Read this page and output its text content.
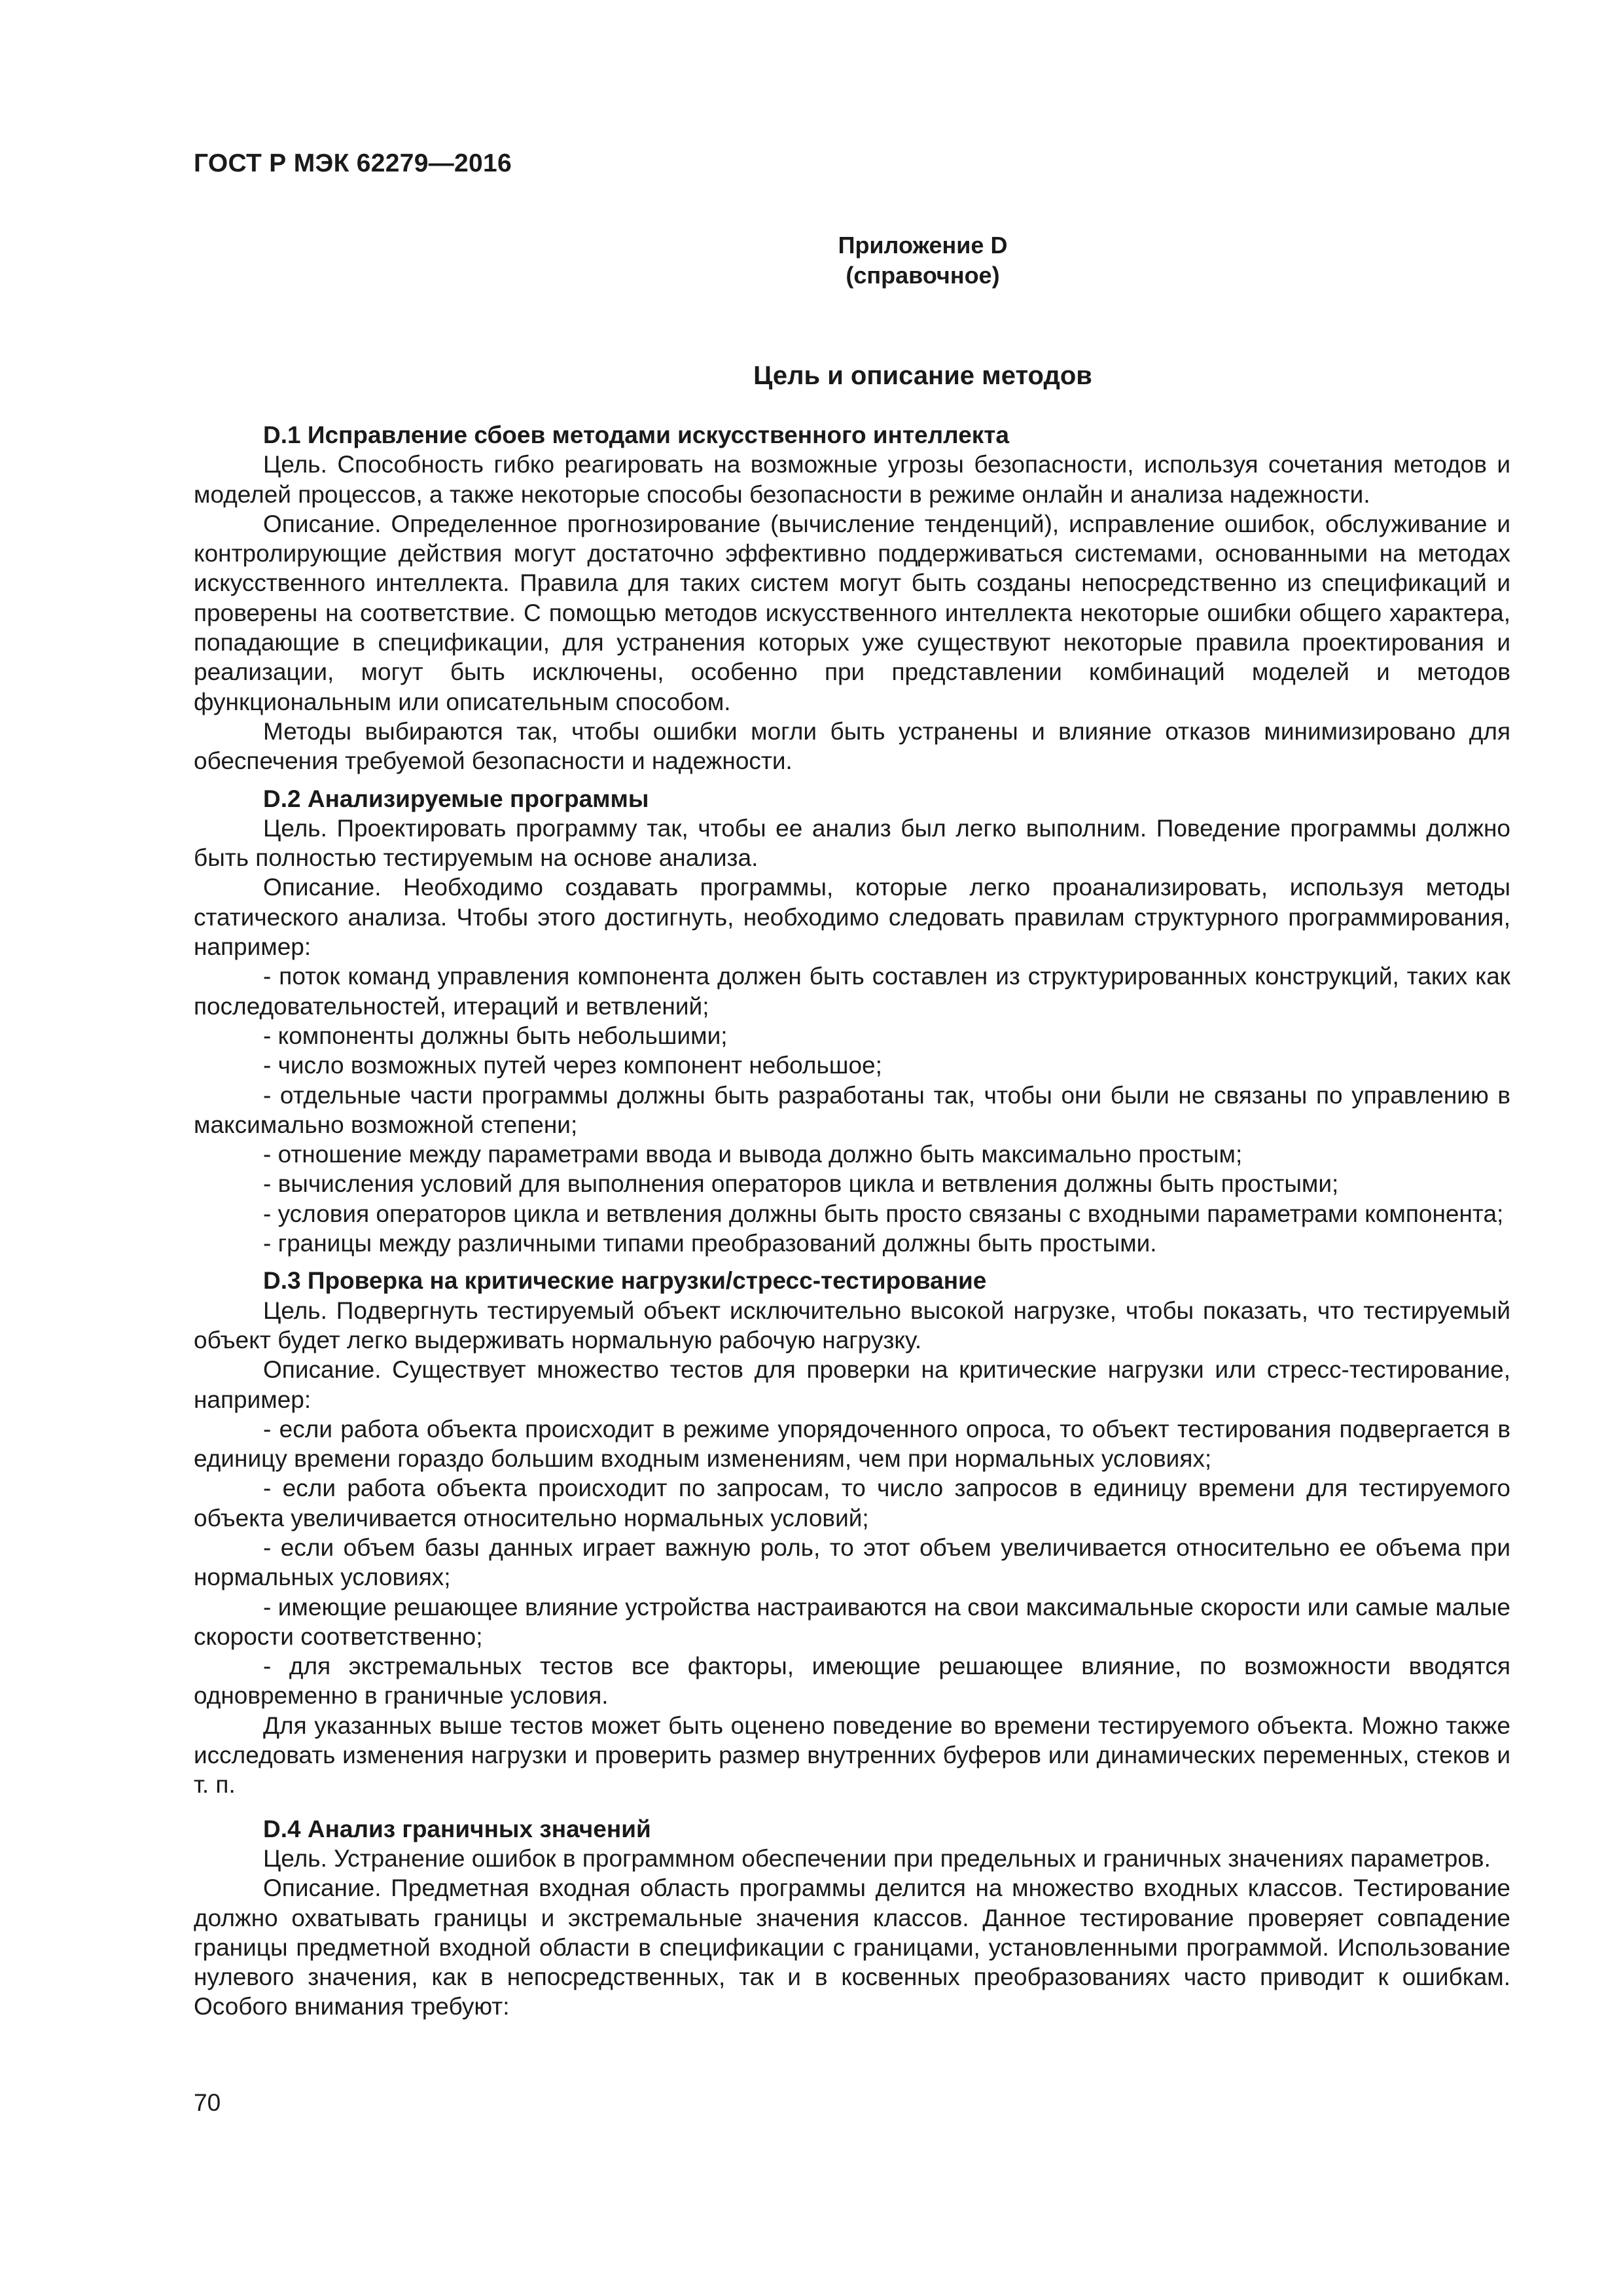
ГОСТ Р МЭК 62279—2016
Приложение D
(справочное)
Цель и описание методов
D.1 Исправление сбоев методами искусственного интеллекта

Цель. Способность гибко реагировать на возможные угрозы безопасности, используя сочетания методов и моделей процессов, а также некоторые способы безопасности в режиме онлайн и анализа надежности.

Описание. Определенное прогнозирование (вычисление тенденций), исправление ошибок, обслуживание и контролирующие действия могут достаточно эффективно поддерживаться системами, основанными на методах искусственного интеллекта. Правила для таких систем могут быть созданы непосредственно из спецификаций и проверены на соответствие. С помощью методов искусственного интеллекта некоторые ошибки общего характера, попадающие в спецификации, для устранения которых уже существуют некоторые правила проектирования и реализации, могут быть исключены, особенно при представлении комбинаций моделей и методов функциональным или описательным способом.

Методы выбираются так, чтобы ошибки могли быть устранены и влияние отказов минимизировано для обеспечения требуемой безопасности и надежности.

D.2 Анализируемые программы

Цель. Проектировать программу так, чтобы ее анализ был легко выполним. Поведение программы должно быть полностью тестируемым на основе анализа.

Описание. Необходимо создавать программы, которые легко проанализировать, используя методы статического анализа. Чтобы этого достигнуть, необходимо следовать правилам структурного программирования, например:

- поток команд управления компонента должен быть составлен из структурированных конструкций, таких как последовательностей, итераций и ветвлений;

- компоненты должны быть небольшими;

- число возможных путей через компонент небольшое;

- отдельные части программы должны быть разработаны так, чтобы они были не связаны по управлению в максимально возможной степени;

- отношение между параметрами ввода и вывода должно быть максимально простым;

- вычисления условий для выполнения операторов цикла и ветвления должны быть простыми;

- условия операторов цикла и ветвления должны быть просто связаны с входными параметрами компонента;

- границы между различными типами преобразований должны быть простыми.

D.3 Проверка на критические нагрузки/стресс-тестирование

Цель. Подвергнуть тестируемый объект исключительно высокой нагрузке, чтобы показать, что тестируемый объект будет легко выдерживать нормальную рабочую нагрузку.

Описание. Существует множество тестов для проверки на критические нагрузки или стресс-тестирование, например:

- если работа объекта происходит в режиме упорядоченного опроса, то объект тестирования подвергается в единицу времени гораздо большим входным изменениям, чем при нормальных условиях;

- если работа объекта происходит по запросам, то число запросов в единицу времени для тестируемого объекта увеличивается относительно нормальных условий;

- если объем базы данных играет важную роль, то этот объем увеличивается относительно ее объема при нормальных условиях;

- имеющие решающее влияние устройства настраиваются на свои максимальные скорости или самые малые скорости соответственно;

- для экстремальных тестов все факторы, имеющие решающее влияние, по возможности вводятся одновременно в граничные условия.

Для указанных выше тестов может быть оценено поведение во времени тестируемого объекта. Можно также исследовать изменения нагрузки и проверить размер внутренних буферов или динамических переменных, стеков и т. п.

D.4 Анализ граничных значений

Цель. Устранение ошибок в программном обеспечении при предельных и граничных значениях параметров.

Описание. Предметная входная область программы делится на множество входных классов. Тестирование должно охватывать границы и экстремальные значения классов. Данное тестирование проверяет совпадение границы предметной входной области в спецификации с границами, установленными программой. Использование нулевого значения, как в непосредственных, так и в косвенных преобразованиях часто приводит к ошибкам. Особого внимания требуют:

70
